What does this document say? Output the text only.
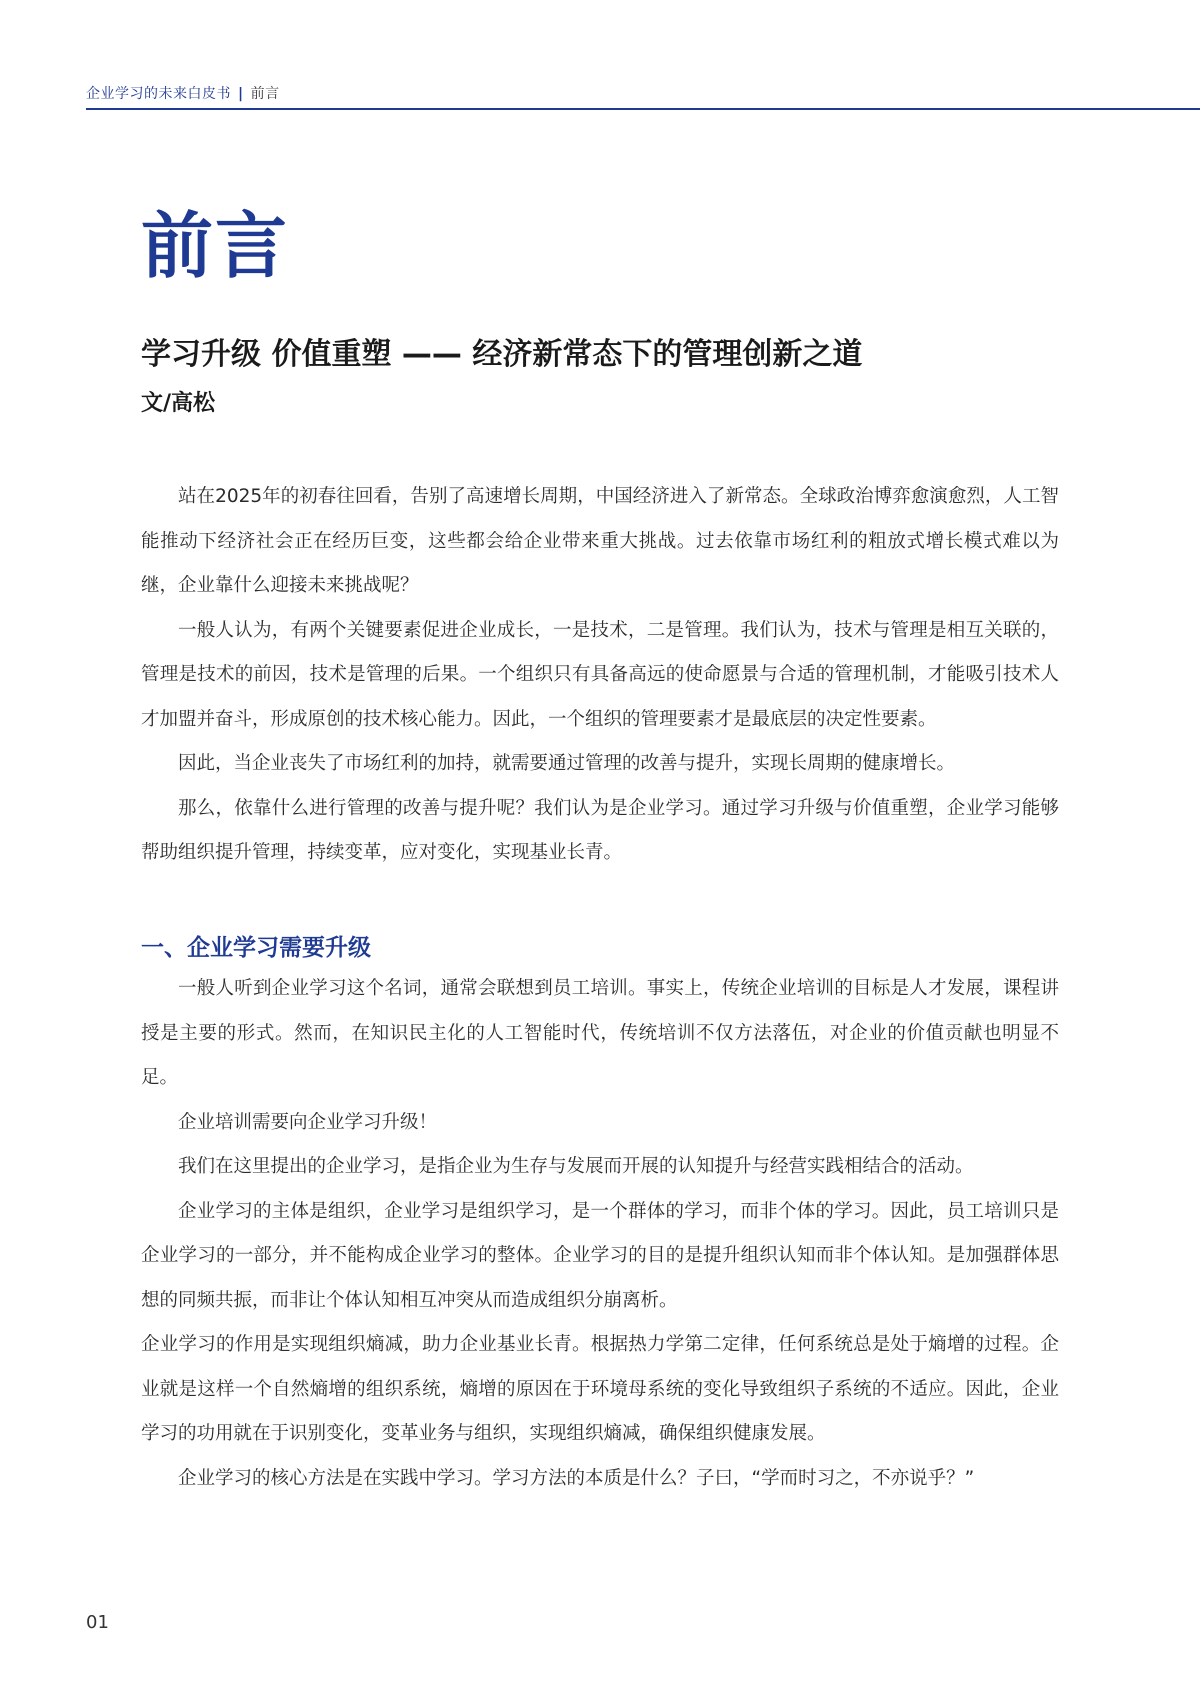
企业学习的未来白皮书 | 前言
前言
学习升级 价值重塑 —— 经济新常态下的管理创新之道
文/高松

站在2025年的初春往回看，告别了高速增长周期，中国经济进入了新常态。全球政治博弈愈演愈烈，人工智能推动下经济社会正在经历巨变，这些都会给企业带来重大挑战。过去依靠市场红利的粗放式增长模式难以为继，企业靠什么迎接未来挑战呢？

一般人认为，有两个关键要素促进企业成长，一是技术，二是管理。我们认为，技术与管理是相互关联的，管理是技术的前因，技术是管理的后果。一个组织只有具备高远的使命愿景与合适的管理机制，才能吸引技术人才加盟并奋斗，形成原创的技术核心能力。因此，一个组织的管理要素才是最底层的决定性要素。

因此，当企业丧失了市场红利的加持，就需要通过管理的改善与提升，实现长周期的健康增长。

那么，依靠什么进行管理的改善与提升呢？我们认为是企业学习。通过学习升级与价值重塑，企业学习能够帮助组织提升管理，持续变革，应对变化，实现基业长青。

一、企业学习需要升级

一般人听到企业学习这个名词，通常会联想到员工培训。事实上，传统企业培训的目标是人才发展，课程讲授是主要的形式。然而，在知识民主化的人工智能时代，传统培训不仅方法落伍，对企业的价值贡献也明显不足。

企业培训需要向企业学习升级！

我们在这里提出的企业学习，是指企业为生存与发展而开展的认知提升与经营实践相结合的活动。

企业学习的主体是组织，企业学习是组织学习，是一个群体的学习，而非个体的学习。因此，员工培训只是企业学习的一部分，并不能构成企业学习的整体。企业学习的目的是提升组织认知而非个体认知。是加强群体思想的同频共振，而非让个体认知相互冲突从而造成组织分崩离析。

企业学习的作用是实现组织熵减，助力企业基业长青。根据热力学第二定律，任何系统总是处于熵增的过程。企业就是这样一个自然熵增的组织系统，熵增的原因在于环境母系统的变化导致组织子系统的不适应。因此，企业学习的功用就在于识别变化，变革业务与组织，实现组织熵减，确保组织健康发展。

企业学习的核心方法是在实践中学习。学习方法的本质是什么？子曰，“学而时习之，不亦说乎？”

01
